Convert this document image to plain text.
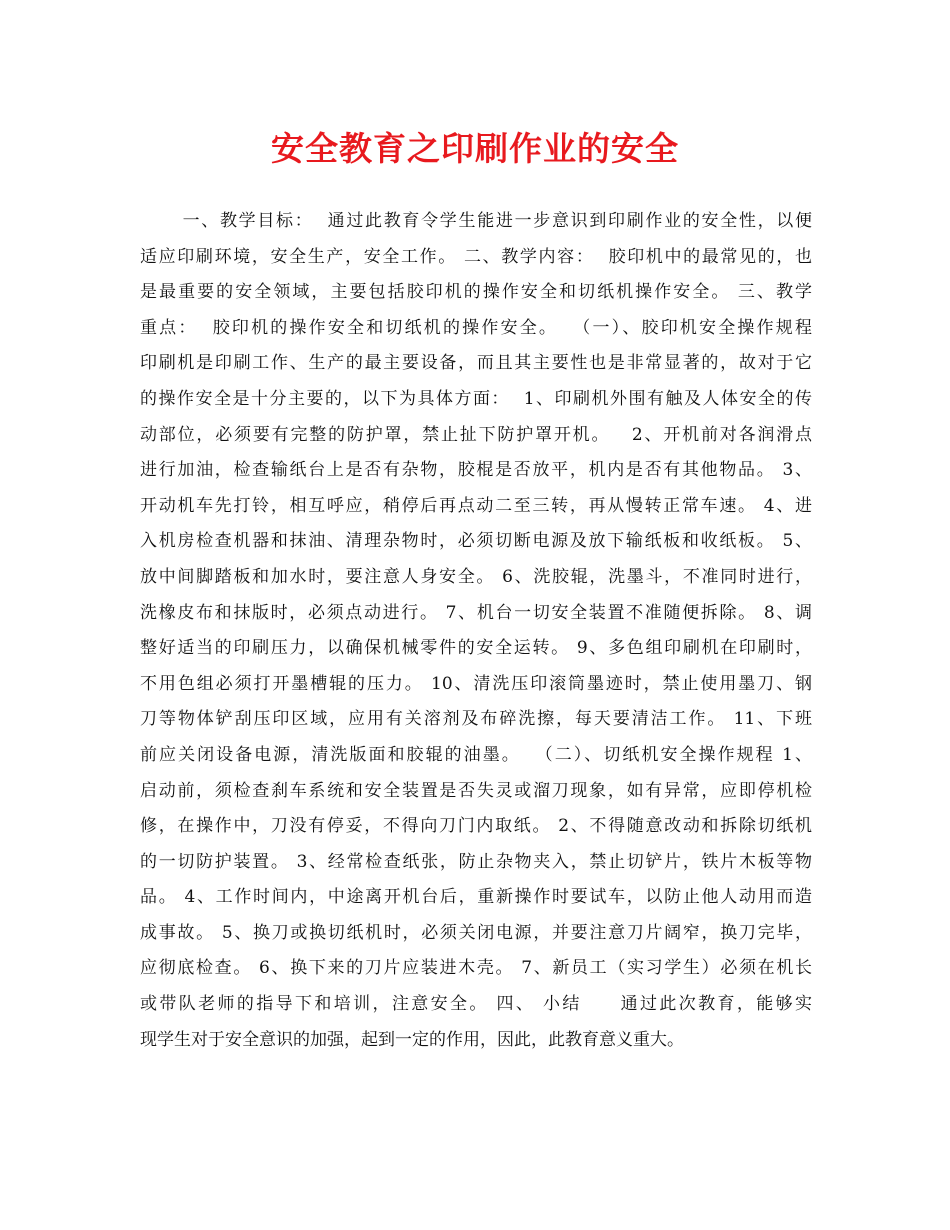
安全教育之印刷作业的安全
一、教学目标：  通过此教育令学生能进一步意识到印刷作业的安全性，以便
适应印刷环境，安全生产，安全工作。 二、教学内容：  胶印机中的最常见的，也
是最重要的安全领域，主要包括胶印机的操作安全和切纸机操作安全。 三、教学
重点：  胶印机的操作安全和切纸机的操作安全。  （一）、胶印机安全操作规程
印刷机是印刷工作、生产的最主要设备，而且其主要性也是非常显著的，故对于它
的操作安全是十分主要的，以下为具体方面：  1、印刷机外围有触及人体安全的传
动部位，必须要有完整的防护罩，禁止扯下防护罩开机。   2、开机前对各润滑点
进行加油，检查输纸台上是否有杂物，胶棍是否放平，机内是否有其他物品。 3、
开动机车先打铃，相互呼应，稍停后再点动二至三转，再从慢转正常车速。 4、进
入机房检查机器和抹油、清理杂物时，必须切断电源及放下输纸板和收纸板。 5、
放中间脚踏板和加水时，要注意人身安全。 6、洗胶辊，洗墨斗，不准同时进行，
洗橡皮布和抹版时，必须点动进行。 7、机台一切安全装置不准随便拆除。 8、调
整好适当的印刷压力，以确保机械零件的安全运转。 9、多色组印刷机在印刷时，
不用色组必须打开墨槽辊的压力。 10、清洗压印滚筒墨迹时，禁止使用墨刀、钢
刀等物体铲刮压印区域，应用有关溶剂及布碎洗擦，每天要清洁工作。 11、下班
前应关闭设备电源，清洗版面和胶辊的油墨。  （二）、切纸机安全操作规程 1、
启动前，须检查刹车系统和安全装置是否失灵或溜刀现象，如有异常，应即停机检
修，在操作中，刀没有停妥，不得向刀门内取纸。 2、不得随意改动和拆除切纸机
的一切防护装置。 3、经常检查纸张，防止杂物夹入，禁止切铲片，铁片木板等物
品。 4、工作时间内，中途离开机台后，重新操作时要试车，以防止他人动用而造
成事故。 5、换刀或换切纸机时，必须关闭电源，并要注意刀片阔窄，换刀完毕，
应彻底检查。 6、换下来的刀片应装进木壳。 7、新员工（实习学生）必须在机长
或带队老师的指导下和培训，注意安全。 四、 小结     通过此次教育，能够实
现学生对于安全意识的加强，起到一定的作用，因此，此教育意义重大。
